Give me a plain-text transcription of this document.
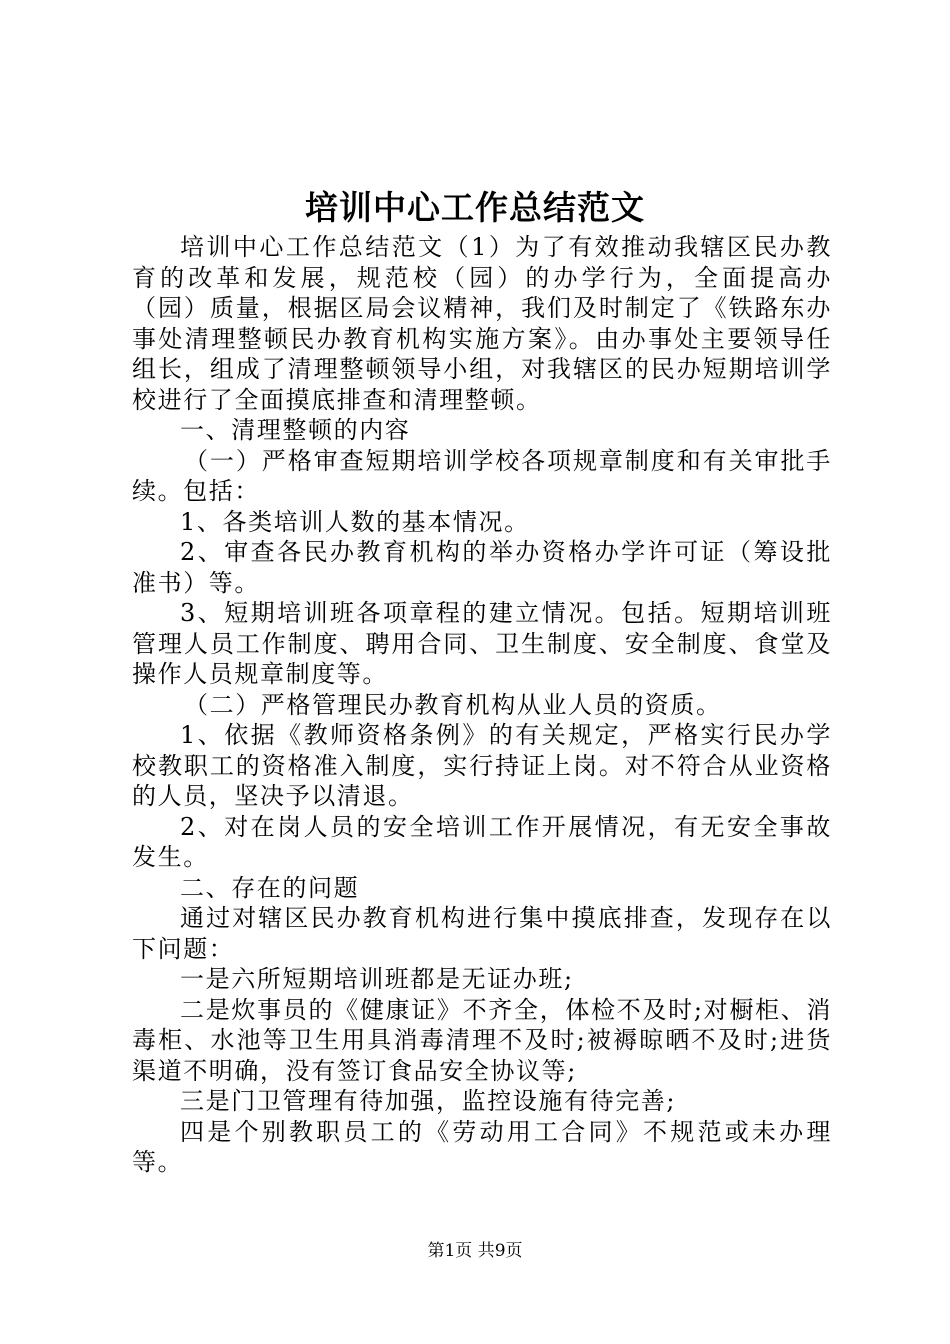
培训中心工作总结范文

培训中心工作总结范文（1）为了有效推动我辖区民办教育的改革和发展，规范校（园）的办学行为，全面提高办（园）质量，根据区局会议精神，我们及时制定了《铁路东办事处清理整顿民办教育机构实施方案》。由办事处主要领导任组长，组成了清理整顿领导小组，对我辖区的民办短期培训学校进行了全面摸底排查和清理整顿。

一、清理整顿的内容

（一）严格审查短期培训学校各项规章制度和有关审批手续。包括：

1、各类培训人数的基本情况。

2、审查各民办教育机构的举办资格办学许可证（筹设批准书）等。

3、短期培训班各项章程的建立情况。包括。短期培训班管理人员工作制度、聘用合同、卫生制度、安全制度、食堂及操作人员规章制度等。

（二）严格管理民办教育机构从业人员的资质。

1、依据《教师资格条例》的有关规定，严格实行民办学校教职工的资格准入制度，实行持证上岗。对不符合从业资格的人员，坚决予以清退。

2、对在岗人员的安全培训工作开展情况，有无安全事故发生。

二、存在的问题

通过对辖区民办教育机构进行集中摸底排查，发现存在以下问题：

一是六所短期培训班都是无证办班;

二是炊事员的《健康证》不齐全，体检不及时;对橱柜、消毒柜、水池等卫生用具消毒清理不及时;被褥晾晒不及时;进货渠道不明确，没有签订食品安全协议等;

三是门卫管理有待加强，监控设施有待完善;

四是个别教职员工的《劳动用工合同》不规范或未办理等。

第1页 共9页
